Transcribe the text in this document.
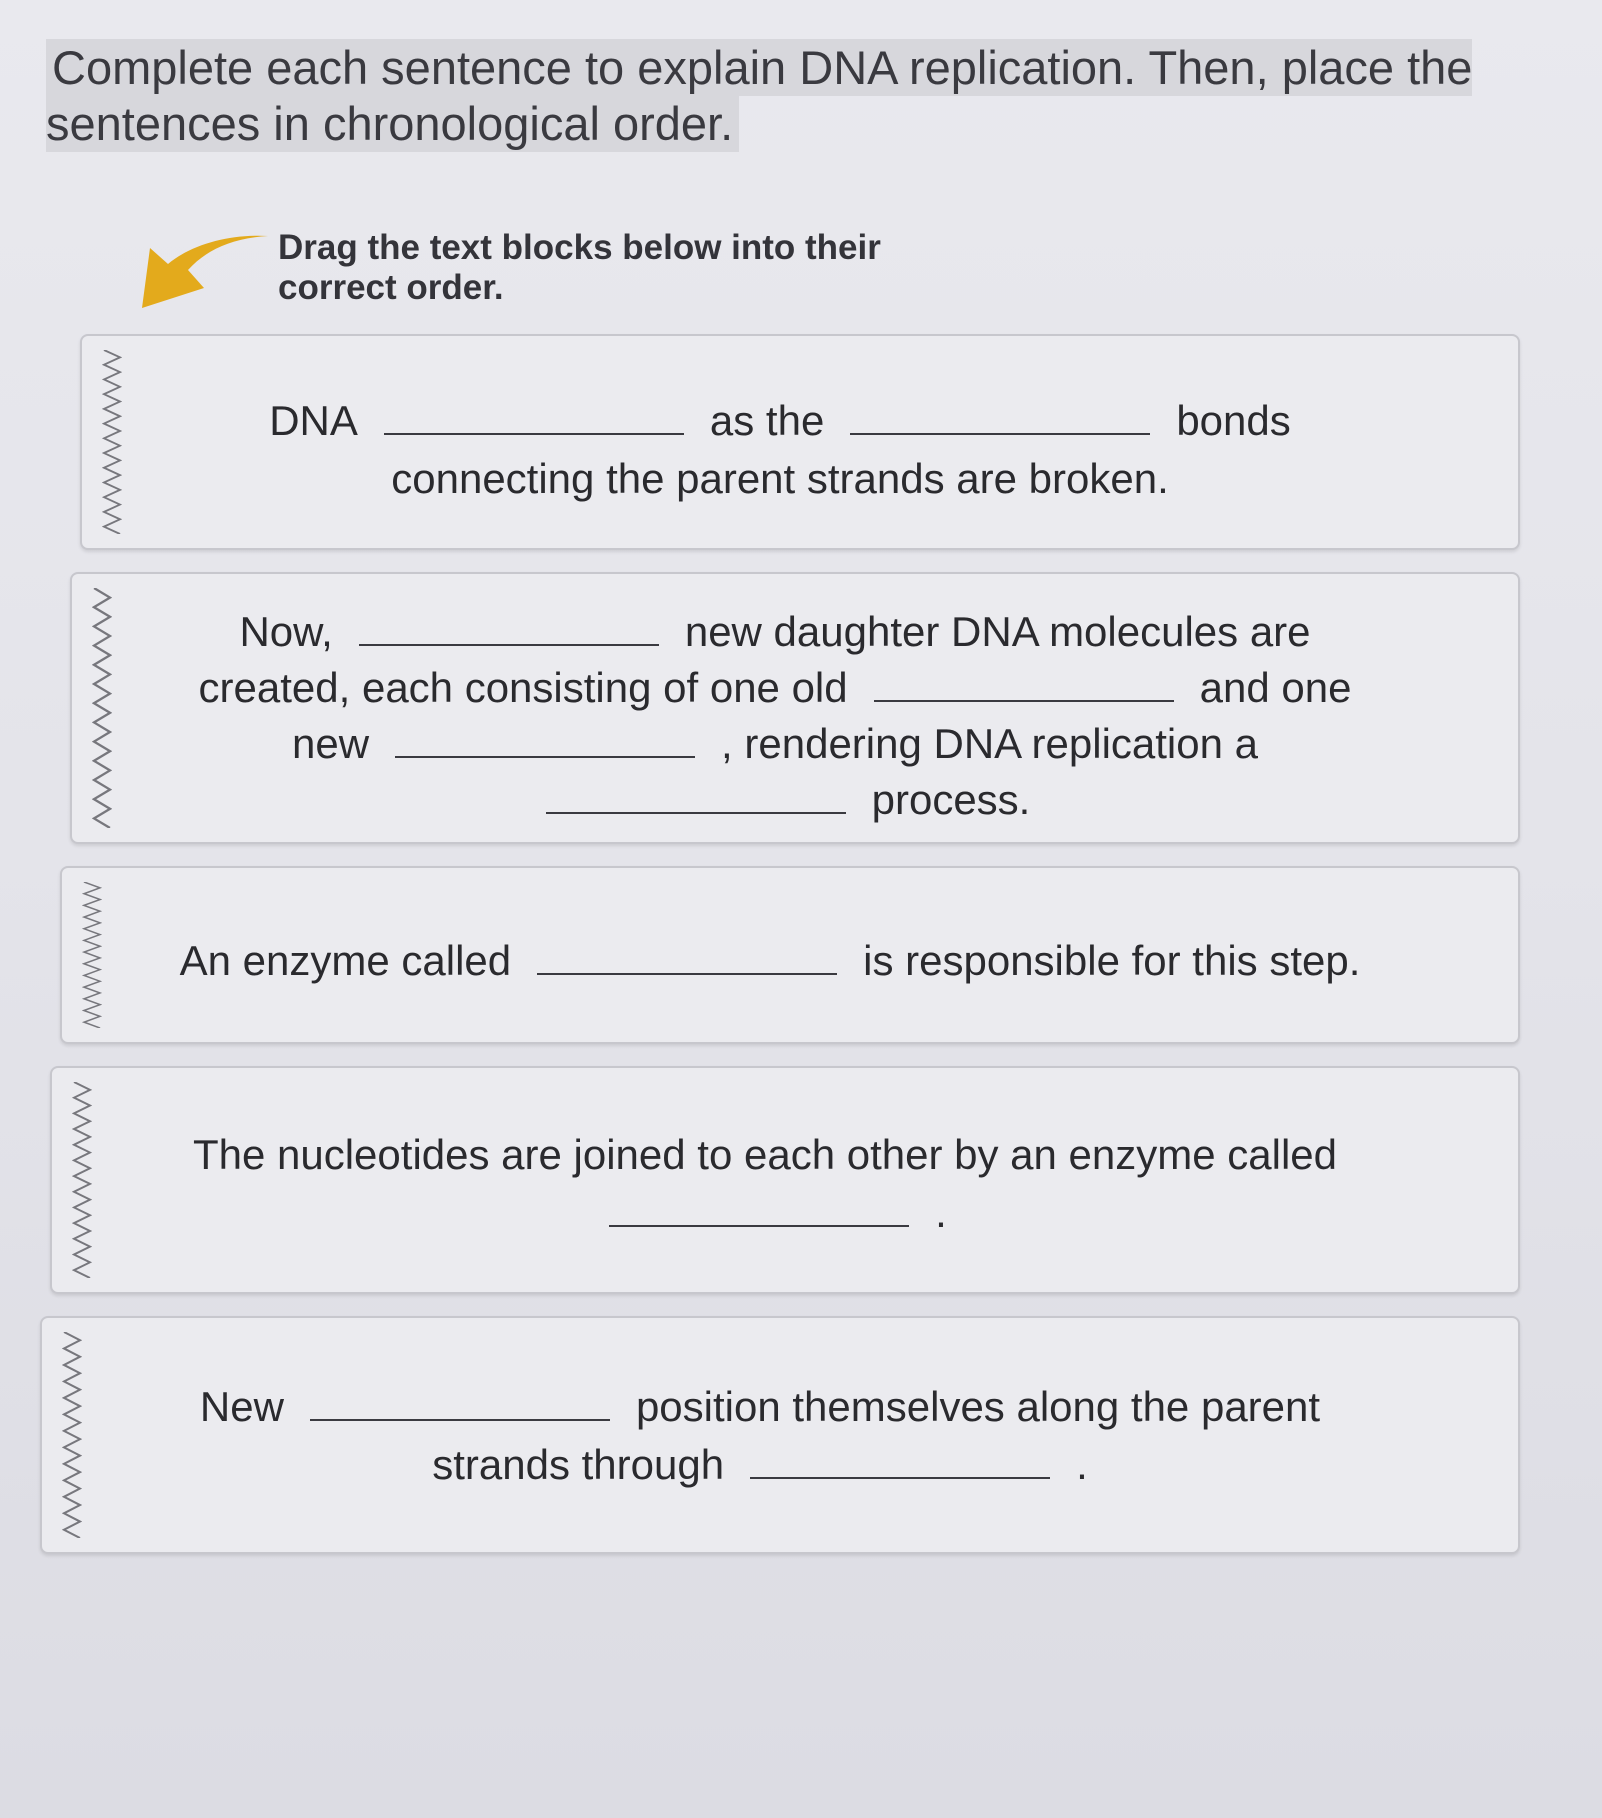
Complete each sentence to explain DNA replication. Then, place the sentences in chronological order.
Drag the text blocks below into their correct order.
DNA	as the	bonds connecting the parent strands are broken.
Now,	new daughter DNA molecules are created, each consisting of one old	and one new	, rendering DNA replication aprocess.
An enzyme called	is responsible for this step.
The nucleotides are joined to each other by an enzyme called.
New	position themselves along the parent strands through	.
